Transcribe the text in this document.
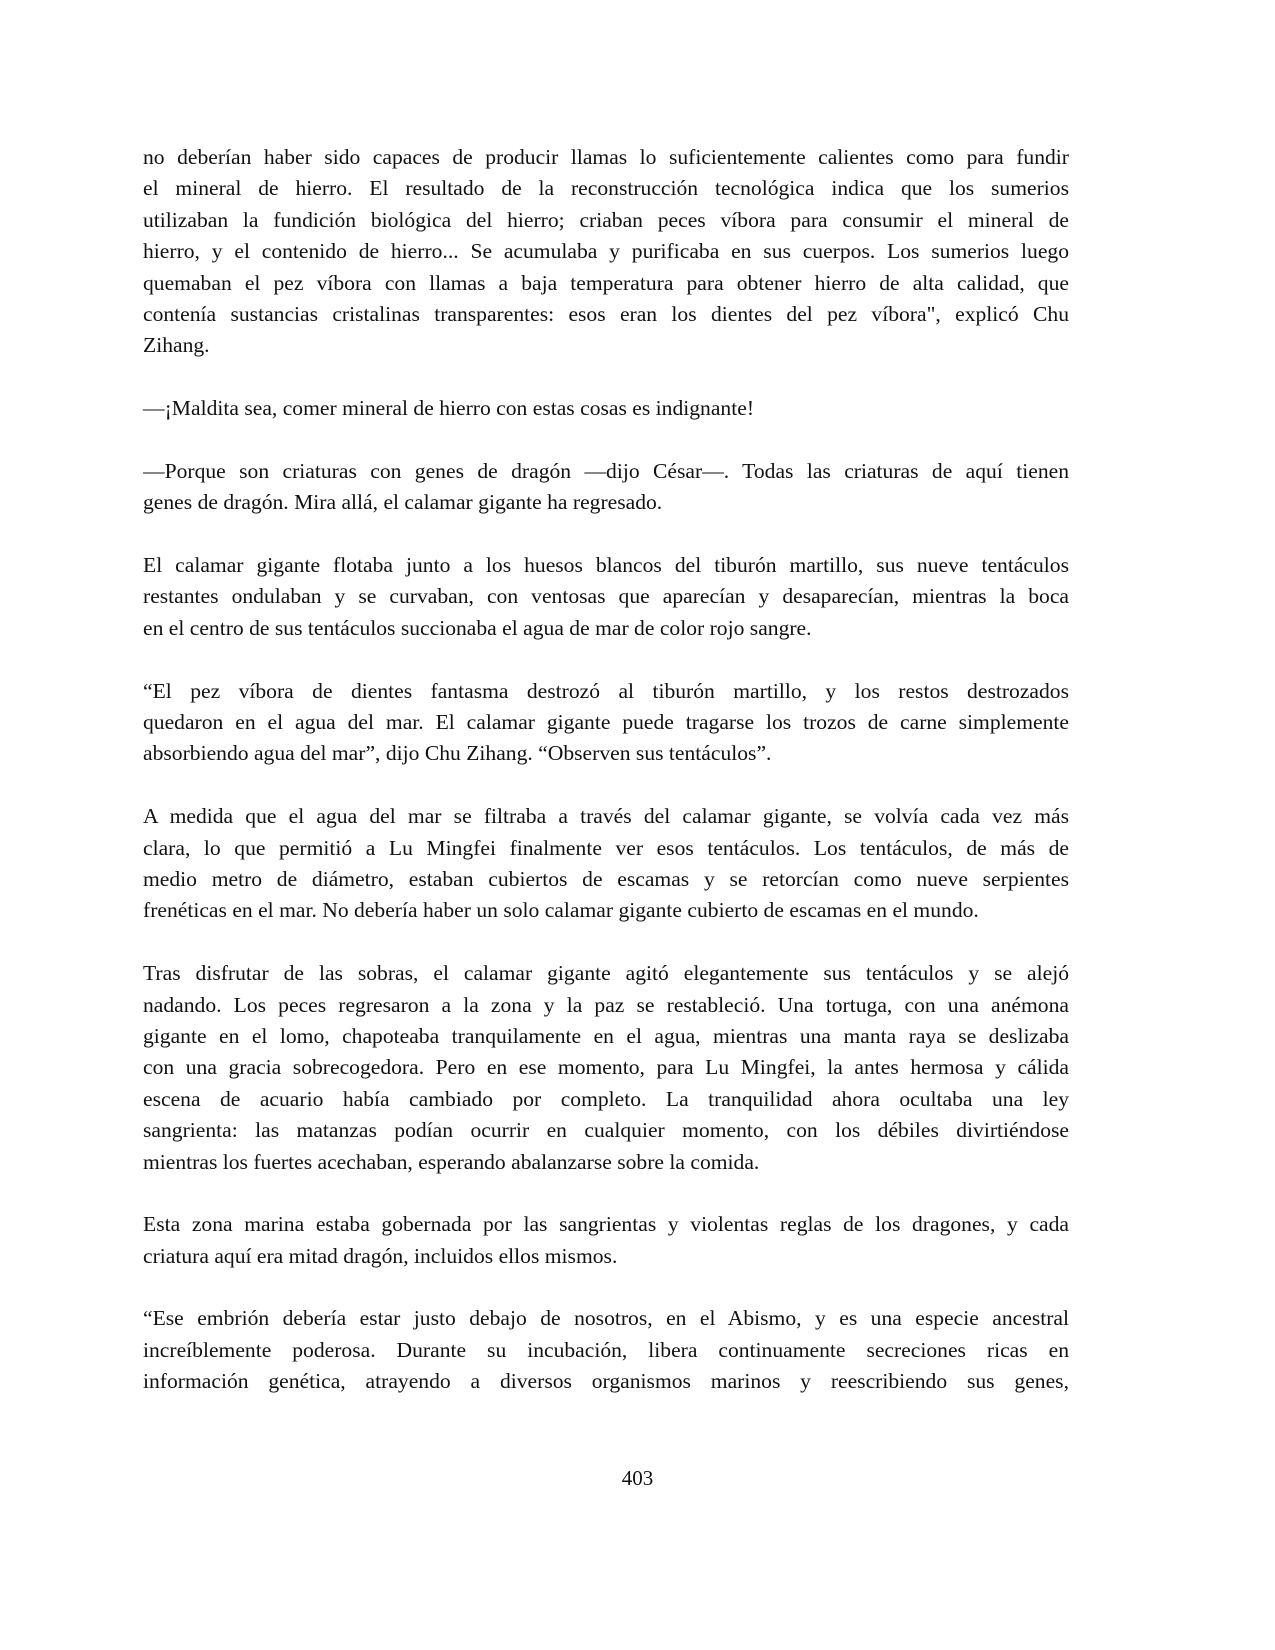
no deberían haber sido capaces de producir llamas lo suficientemente calientes como para fundir
el mineral de hierro. El resultado de la reconstrucción tecnológica indica que los sumerios
utilizaban la fundición biológica del hierro; criaban peces víbora para consumir el mineral de
hierro, y el contenido de hierro... Se acumulaba y purificaba en sus cuerpos. Los sumerios luego
quemaban el pez víbora con llamas a baja temperatura para obtener hierro de alta calidad, que
contenía sustancias cristalinas transparentes: esos eran los dientes del pez víbora", explicó Chu
Zihang.
—¡Maldita sea, comer mineral de hierro con estas cosas es indignante!
—Porque son criaturas con genes de dragón —dijo César—. Todas las criaturas de aquí tienen
genes de dragón. Mira allá, el calamar gigante ha regresado.
El calamar gigante flotaba junto a los huesos blancos del tiburón martillo, sus nueve tentáculos
restantes ondulaban y se curvaban, con ventosas que aparecían y desaparecían, mientras la boca
en el centro de sus tentáculos succionaba el agua de mar de color rojo sangre.
“El pez víbora de dientes fantasma destrozó al tiburón martillo, y los restos destrozados
quedaron en el agua del mar. El calamar gigante puede tragarse los trozos de carne simplemente
absorbiendo agua del mar”, dijo Chu Zihang. “Observen sus tentáculos”.
A medida que el agua del mar se filtraba a través del calamar gigante, se volvía cada vez más
clara, lo que permitió a Lu Mingfei finalmente ver esos tentáculos. Los tentáculos, de más de
medio metro de diámetro, estaban cubiertos de escamas y se retorcían como nueve serpientes
frenéticas en el mar. No debería haber un solo calamar gigante cubierto de escamas en el mundo.
Tras disfrutar de las sobras, el calamar gigante agitó elegantemente sus tentáculos y se alejó
nadando. Los peces regresaron a la zona y la paz se restableció. Una tortuga, con una anémona
gigante en el lomo, chapoteaba tranquilamente en el agua, mientras una manta raya se deslizaba
con una gracia sobrecogedora. Pero en ese momento, para Lu Mingfei, la antes hermosa y cálida
escena de acuario había cambiado por completo. La tranquilidad ahora ocultaba una ley
sangrienta: las matanzas podían ocurrir en cualquier momento, con los débiles divirtiéndose
mientras los fuertes acechaban, esperando abalanzarse sobre la comida.
Esta zona marina estaba gobernada por las sangrientas y violentas reglas de los dragones, y cada
criatura aquí era mitad dragón, incluidos ellos mismos.
“Ese embrión debería estar justo debajo de nosotros, en el Abismo, y es una especie ancestral
increíblemente poderosa. Durante su incubación, libera continuamente secreciones ricas en
información genética, atrayendo a diversos organismos marinos y reescribiendo sus genes,
403
